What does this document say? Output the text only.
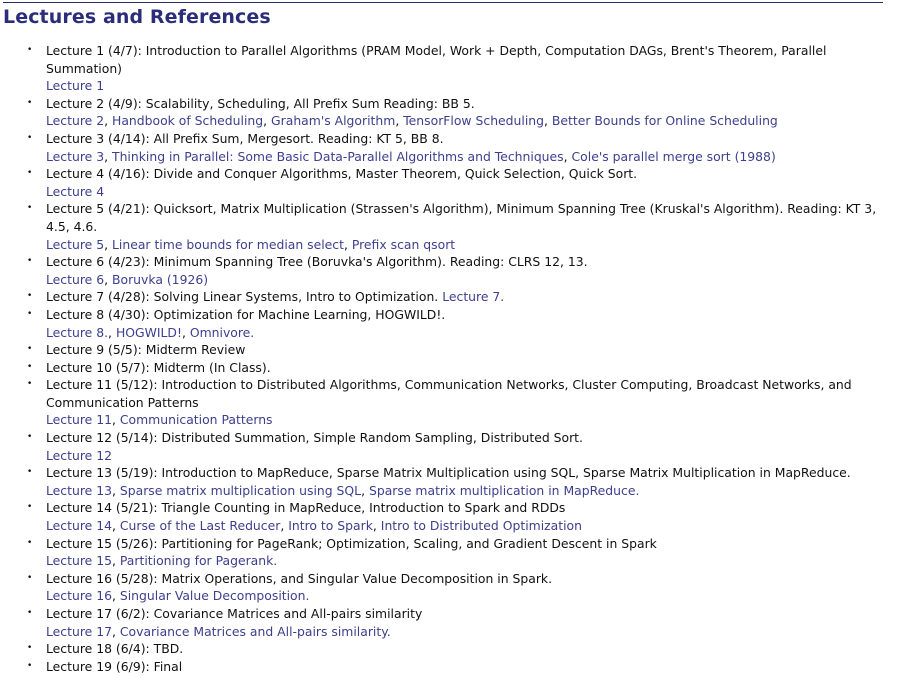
Lectures and References
• Lecture 1 (4/7): Introduction to Parallel Algorithms (PRAM Model, Work + Depth, Computation DAGs, Brent's Theorem, Parallel Summation)
Lecture 1
• Lecture 2 (4/9): Scalability, Scheduling, All Prefix Sum Reading: BB 5.
Lecture 2, Handbook of Scheduling, Graham's Algorithm, TensorFlow Scheduling, Better Bounds for Online Scheduling
• Lecture 3 (4/14): All Prefix Sum, Mergesort. Reading: KT 5, BB 8.
Lecture 3, Thinking in Parallel: Some Basic Data-Parallel Algorithms and Techniques, Cole's parallel merge sort (1988)
• Lecture 4 (4/16): Divide and Conquer Algorithms, Master Theorem, Quick Selection, Quick Sort.
Lecture 4
• Lecture 5 (4/21): Quicksort, Matrix Multiplication (Strassen's Algorithm), Minimum Spanning Tree (Kruskal's Algorithm). Reading: KT 3, 4.5, 4.6.
Lecture 5, Linear time bounds for median select, Prefix scan qsort
• Lecture 6 (4/23): Minimum Spanning Tree (Boruvka's Algorithm). Reading: CLRS 12, 13.
Lecture 6, Boruvka (1926)
• Lecture 7 (4/28): Solving Linear Systems, Intro to Optimization. Lecture 7.
• Lecture 8 (4/30): Optimization for Machine Learning, HOGWILD!.
Lecture 8., HOGWILD!, Omnivore.
• Lecture 9 (5/5): Midterm Review
• Lecture 10 (5/7): Midterm (In Class).
• Lecture 11 (5/12): Introduction to Distributed Algorithms, Communication Networks, Cluster Computing, Broadcast Networks, and Communication Patterns
Lecture 11, Communication Patterns
• Lecture 12 (5/14): Distributed Summation, Simple Random Sampling, Distributed Sort.
Lecture 12
• Lecture 13 (5/19): Introduction to MapReduce, Sparse Matrix Multiplication using SQL, Sparse Matrix Multiplication in MapReduce.
Lecture 13, Sparse matrix multiplication using SQL, Sparse matrix multiplication in MapReduce.
• Lecture 14 (5/21): Triangle Counting in MapReduce, Introduction to Spark and RDDs
Lecture 14, Curse of the Last Reducer, Intro to Spark, Intro to Distributed Optimization
• Lecture 15 (5/26): Partitioning for PageRank; Optimization, Scaling, and Gradient Descent in Spark
Lecture 15, Partitioning for Pagerank.
• Lecture 16 (5/28): Matrix Operations, and Singular Value Decomposition in Spark.
Lecture 16, Singular Value Decomposition.
• Lecture 17 (6/2): Covariance Matrices and All-pairs similarity
Lecture 17, Covariance Matrices and All-pairs similarity.
• Lecture 18 (6/4): TBD.
• Lecture 19 (6/9): Final
